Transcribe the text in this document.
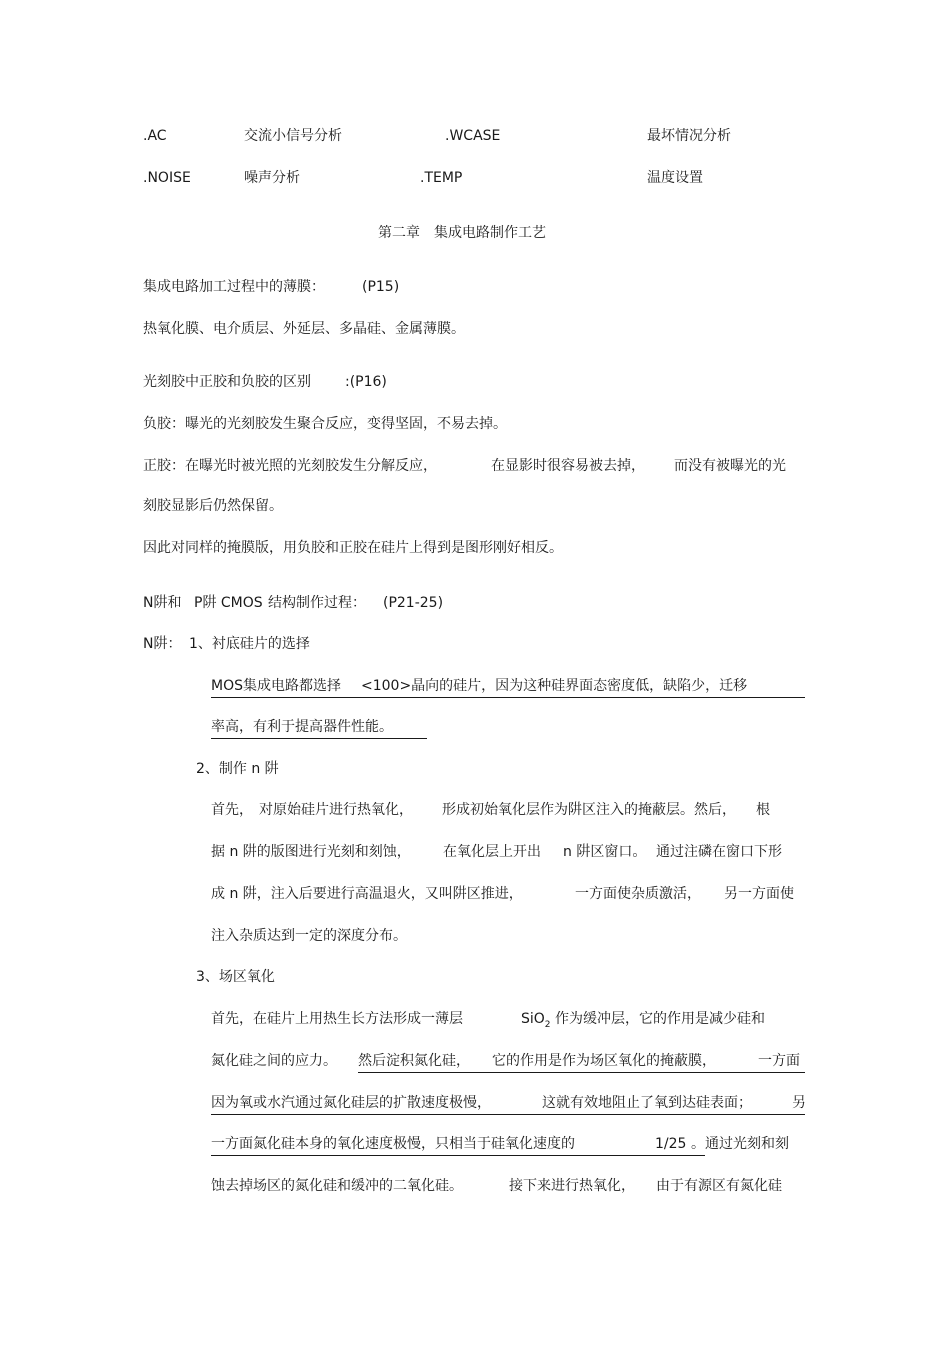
.AC	交流小信号分析	.WCASE	最坏情况分析
.NOISE	噪声分析	.TEMP	温度设置
第二章　集成电路制作工艺
集成电路加工过程中的薄膜：	(P15)
热氧化膜、电介质层、外延层、多晶硅、金属薄膜。
光刻胶中正胶和负胶的区别 :(P16)
负胶：曝光的光刻胶发生聚合反应，变得坚固，不易去掉。
正胶：在曝光时被光照的光刻胶发生分解反应，	在显影时很容易被去掉， 而没有被曝光的光
刻胶显影后仍然保留。
因此对同样的掩膜版，用负胶和正胶在硅片上得到是图形刚好相反。
N阱和 P阱 CMOS 结构制作过程： (P21-25)
N阱： 1、衬底硅片的选择
MOS集成电路都选择 <100>晶向的硅片，因为这种硅界面态密度低，缺陷少，迁移
率高，有利于提高器件性能。
2、制作 n 阱
首先， 对原始硅片进行热氧化， 形成初始氧化层作为阱区注入的掩蔽层。然后， 根
据 n 阱的版图进行光刻和刻蚀， 在氧化层上开出 n 阱区窗口。 通过注磷在窗口下形
成 n 阱，注入后要进行高温退火，又叫阱区推进，	一方面使杂质激活， 另一方面使
注入杂质达到一定的深度分布。
3、场区氧化
首先，在硅片上用热生长方法形成一薄层	SiO$_2$ 作为缓冲层，它的作用是减少硅和
氮化硅之间的应力。 然后淀积氮化硅， 它的作用是作为场区氧化的掩蔽膜，	一方面
因为氧或水汽通过氮化硅层的扩散速度极慢，	这就有效地阻止了氧到达硅表面；	另
一方面氮化硅本身的氧化速度极慢，只相当于硅氧化速度的	1/25 。通过光刻和刻
蚀去掉场区的氮化硅和缓冲的二氧化硅。	接下来进行热氧化， 由于有源区有氮化硅
